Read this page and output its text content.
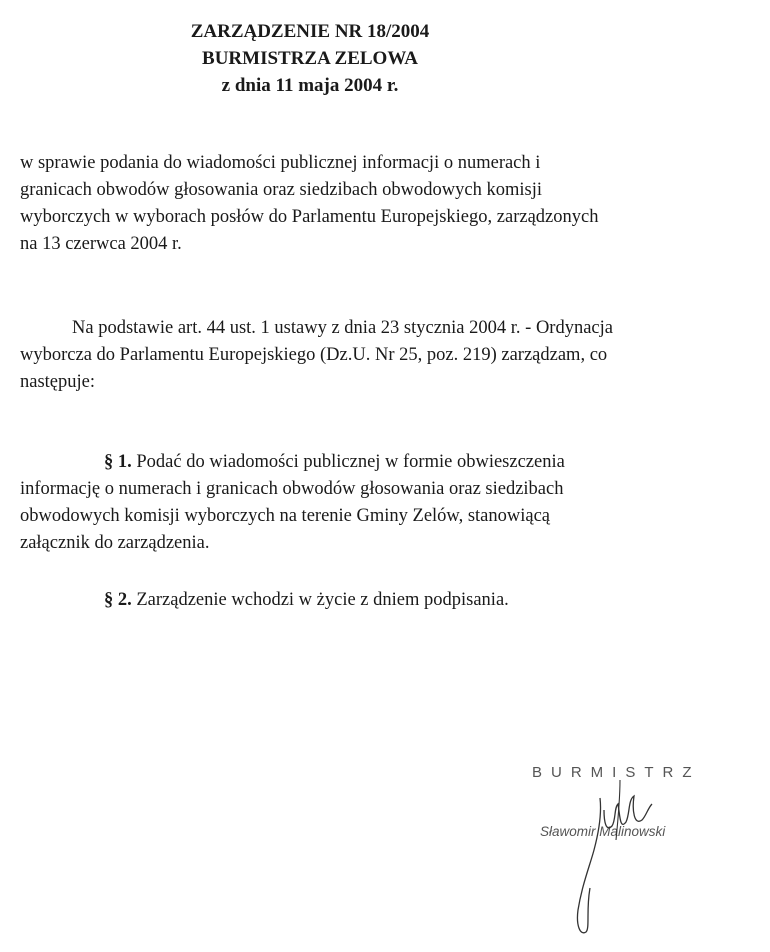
ZARZĄDZENIE NR 18/2004
BURMISTRZA ZELOWA
z dnia 11 maja 2004 r.
w sprawie podania do wiadomości publicznej informacji o numerach i
granicach obwodów głosowania oraz siedzibach obwodowych komisji
wyborczych w wyborach posłów do Parlamentu Europejskiego, zarządzonych
na 13 czerwca 2004 r.
Na podstawie art. 44 ust. 1 ustawy z dnia 23 stycznia 2004 r. - Ordynacja
wyborcza do Parlamentu Europejskiego (Dz.U. Nr 25, poz. 219) zarządzam, co
następuje:
§ 1. Podać do wiadomości publicznej w formie obwieszczenia
informację o numerach i granicach obwodów głosowania oraz siedzibach
obwodowych komisji wyborczych na terenie Gminy Zelów, stanowiącą
załącznik do zarządzenia.
§ 2. Zarządzenie wchodzi w życie z dniem podpisania.
BURMISTRZ
Sławomir Malinowski
